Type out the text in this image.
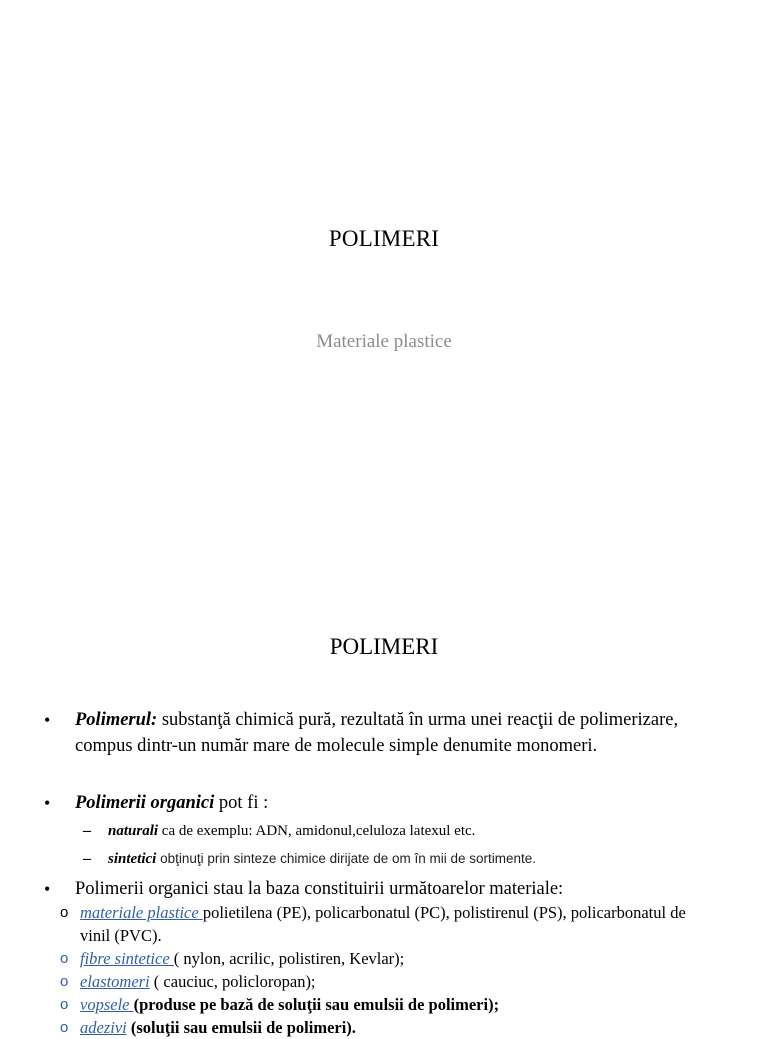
POLIMERI
Materiale plastice
POLIMERI
• Polimerul: substanţă chimică pură, rezultată în urma unei reacţii de polimerizare, compus dintr-un număr mare de molecule simple denumite monomeri.
• Polimerii organici pot fi :
– naturali ca de exemplu: ADN, amidonul,celuloza latexul etc.
– sintetici obţinuţi prin sinteze chimice dirijate de om în mii de sortimente.
• Polimerii organici stau la baza constituirii următoarelor materiale:
o materiale plastice polietilena (PE), policarbonatul (PC), polistirenul (PS), policarbonatul de vinil (PVC).
o fibre sintetice ( nylon, acrilic, polistiren, Kevlar);
o elastomeri ( cauciuc, policloropan);
o vopsele (produse pe bază de soluţii sau emulsii de polimeri);
o adezivi (soluţii sau emulsii de polimeri).
